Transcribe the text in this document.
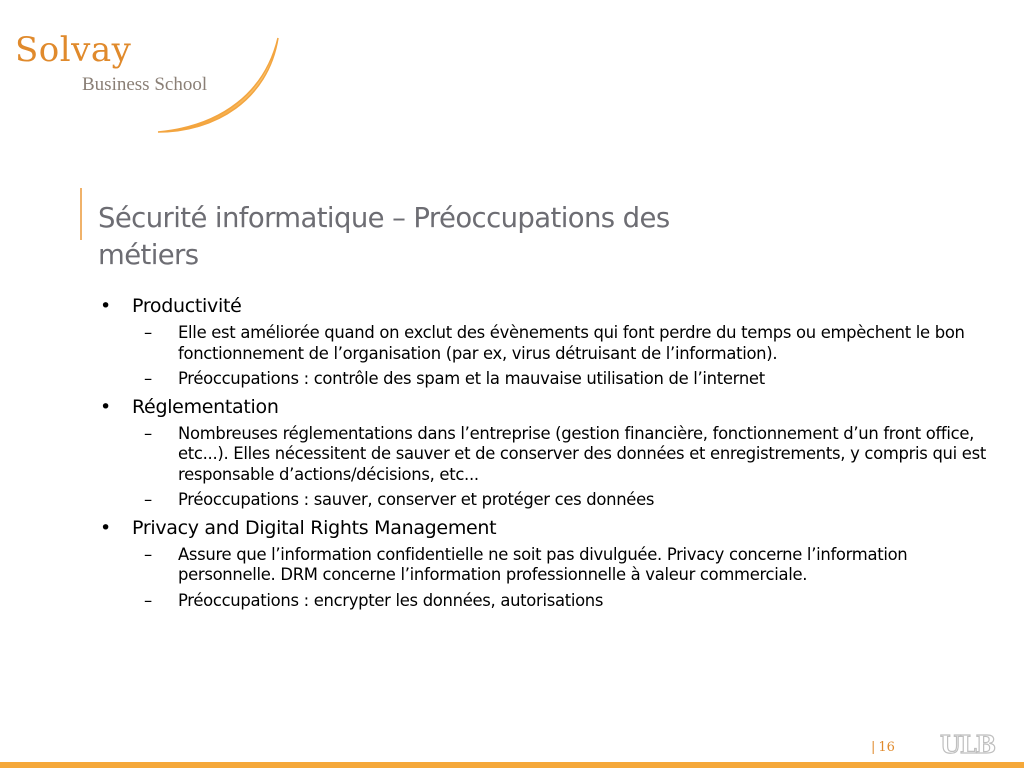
Solvay
Business School
Sécurité informatique – Préoccupations des
métiers
• Productivité
– Elle est améliorée quand on exclut des évènements qui font perdre du temps ou empèchent le bon fonctionnement de l’organisation (par ex, virus détruisant de l’information).
– Préoccupations : contrôle des spam et la mauvaise utilisation de l’internet
• Réglementation
– Nombreuses réglementations dans l’entreprise (gestion financière, fonctionnement d’un front office, etc...). Elles nécessitent de sauver et de conserver des données et enregistrements, y compris qui est responsable d’actions/décisions, etc...
– Préoccupations : sauver, conserver et protéger ces données
• Privacy and Digital Rights Management
– Assure que l’information confidentielle ne soit pas divulguée. Privacy concerne l’information personnelle. DRM concerne l’information professionnelle à valeur commerciale.
– Préoccupations : encrypter les données, autorisations
| 16 ULB
